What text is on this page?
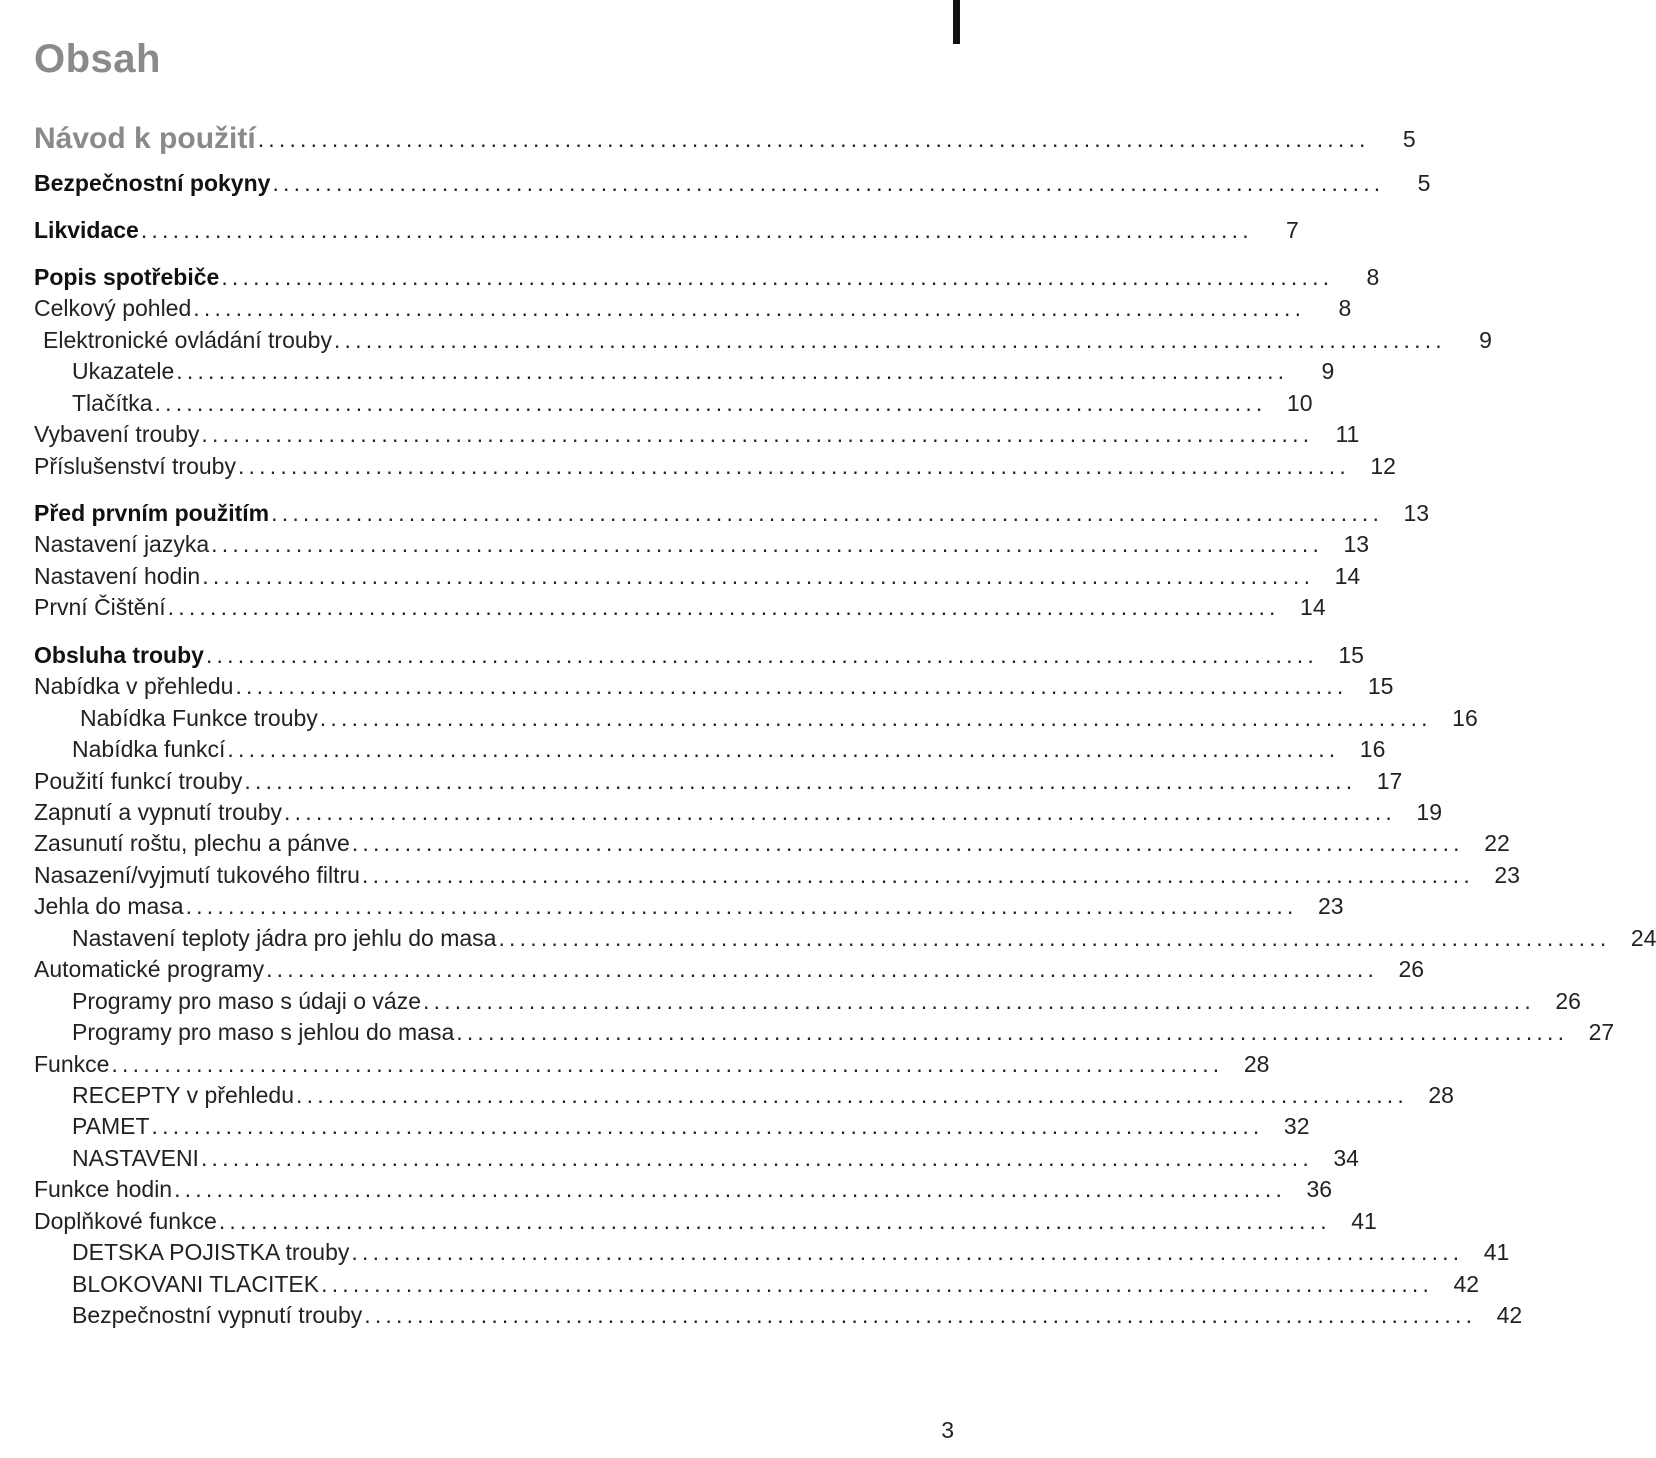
Obsah
Návod k použití .........................................................................................................	5
Bezpečnostní pokyny .........................................................................................................	5
Likvidace .........................................................................................................	7
Popis spotřebiče .........................................................................................................	8
Celkový pohled .........................................................................................................	8
Elektronické ovládání trouby .........................................................................................................	9
Ukazatele .........................................................................................................	9
Tlačítka ......................................................................................................... 10
Vybavení trouby ......................................................................................................... 11
Příslušenství trouby ......................................................................................................... 12
Před prvním použitím ......................................................................................................... 13
Nastavení jazyka ......................................................................................................... 13
Nastavení hodin ......................................................................................................... 14
První Čištění ......................................................................................................... 14
Obsluha trouby ......................................................................................................... 15
Nabídka v přehledu ......................................................................................................... 15
Nabídka Funkce trouby ......................................................................................................... 16
Nabídka funkcí ......................................................................................................... 16
Použití funkcí trouby ......................................................................................................... 17
Zapnutí a vypnutí trouby ......................................................................................................... 19
Zasunutí roštu, plechu a pánve ......................................................................................................... 22
Nasazení/vyjmutí tukového filtru ......................................................................................................... 23
Jehla do masa ......................................................................................................... 23
Nastavení teploty jádra pro jehlu do masa ......................................................................................................... 24
Automatické programy ......................................................................................................... 26
Programy pro maso s údaji o váze ......................................................................................................... 26
Programy pro maso s jehlou do masa ......................................................................................................... 27
Funkce ......................................................................................................... 28
RECEPTY v přehledu ......................................................................................................... 28
PAMET ......................................................................................................... 32
NASTAVENI ......................................................................................................... 34
Funkce hodin ......................................................................................................... 36
Doplňkové funkce ......................................................................................................... 41
DETSKA POJISTKA trouby ......................................................................................................... 41
BLOKOVANI TLACITEK ......................................................................................................... 42
Bezpečnostní vypnutí trouby ......................................................................................................... 42
3
